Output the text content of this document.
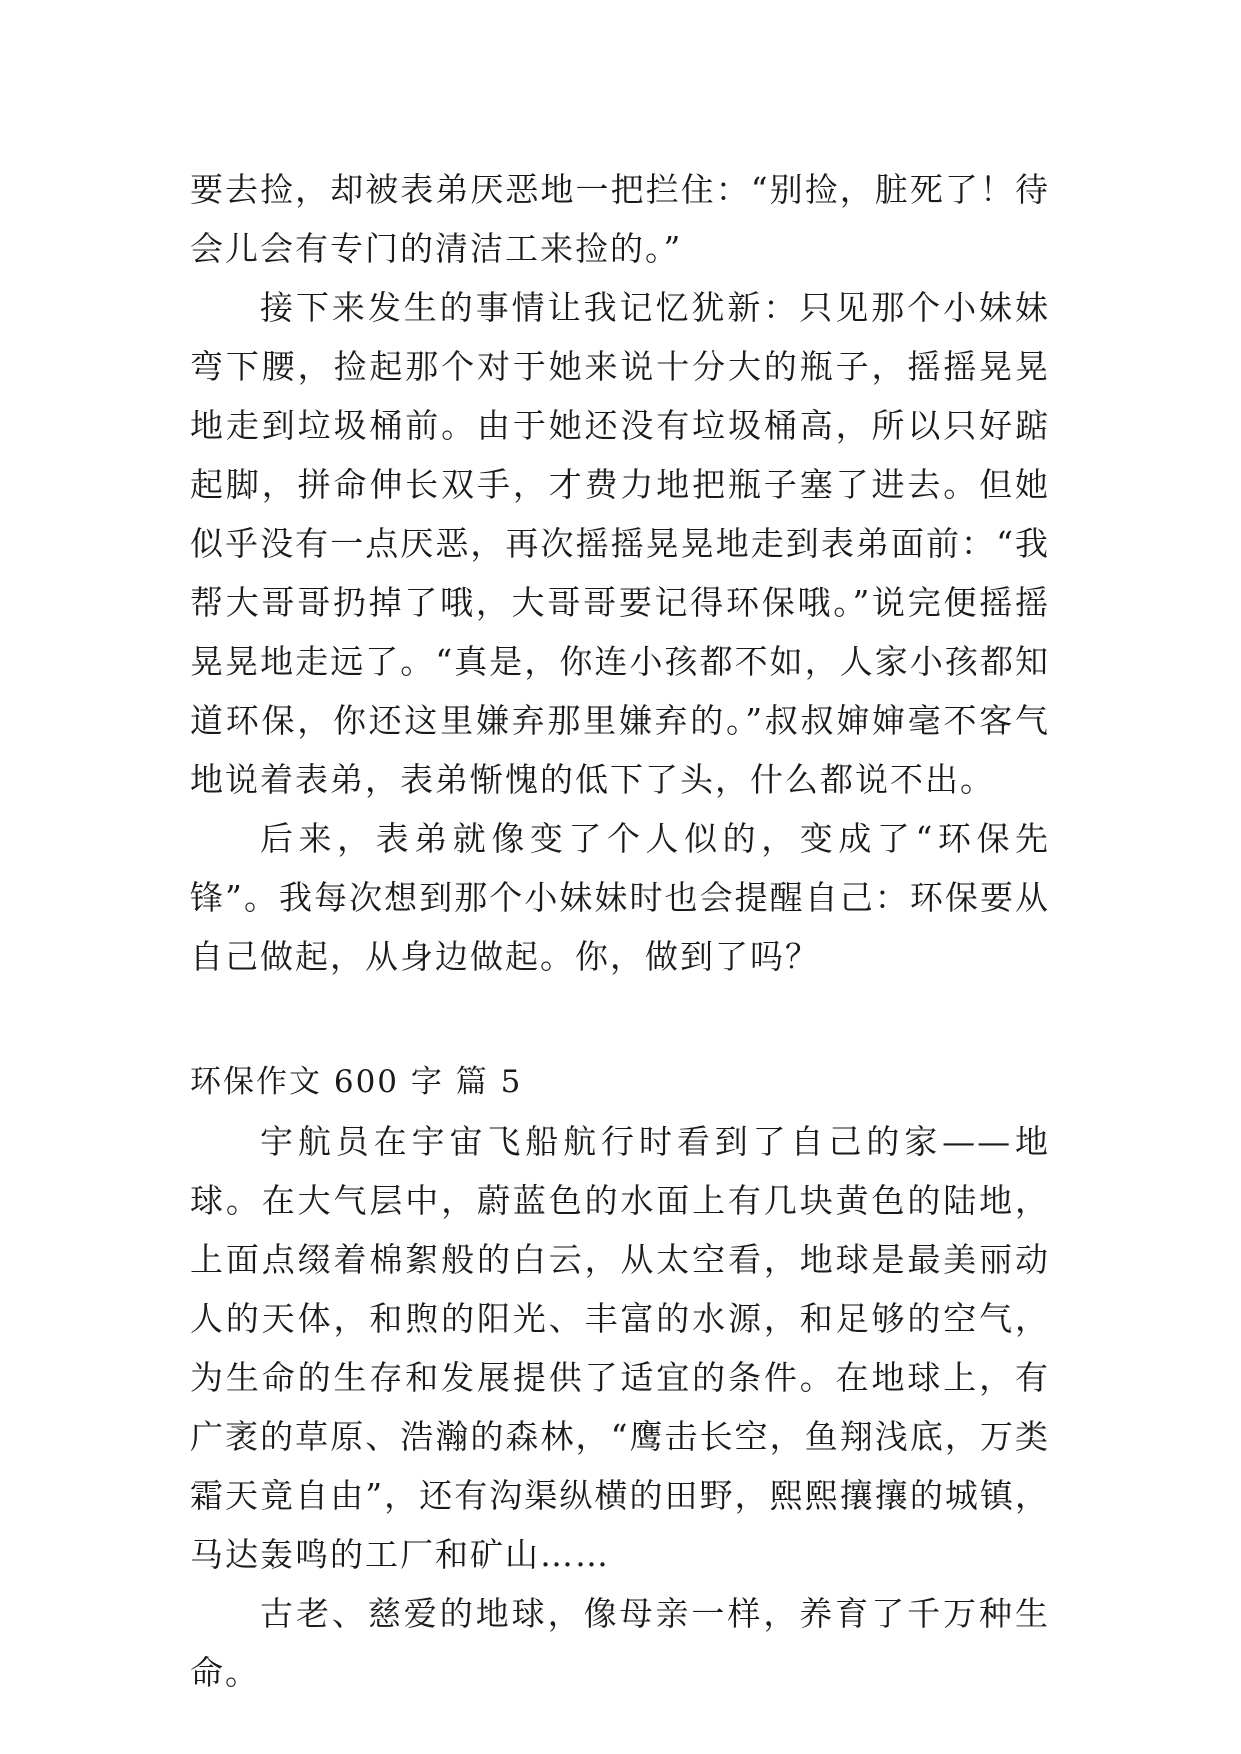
要去捡，却被表弟厌恶地一把拦住：“别捡，脏死了！待会儿会有专门的清洁工来捡的。”

接下来发生的事情让我记忆犹新：只见那个小妹妹弯下腰，捡起那个对于她来说十分大的瓶子，摇摇晃晃地走到垃圾桶前。由于她还没有垃圾桶高，所以只好踮起脚，拼命伸长双手，才费力地把瓶子塞了进去。但她似乎没有一点厌恶，再次摇摇晃晃地走到表弟面前：“我帮大哥哥扔掉了哦，大哥哥要记得环保哦。”说完便摇摇晃晃地走远了。“真是，你连小孩都不如，人家小孩都知道环保，你还这里嫌弃那里嫌弃的。”叔叔婶婶毫不客气地说着表弟，表弟惭愧的低下了头，什么都说不出。

后来，表弟就像变了个人似的，变成了“环保先锋”。我每次想到那个小妹妹时也会提醒自己：环保要从自己做起，从身边做起。你，做到了吗？

环保作文 600 字 篇 5

宇航员在宇宙飞船航行时看到了自己的家——地球。在大气层中，蔚蓝色的水面上有几块黄色的陆地，上面点缀着棉絮般的白云，从太空看，地球是最美丽动人的天体，和煦的阳光、丰富的水源，和足够的空气，为生命的生存和发展提供了适宜的条件。在地球上，有广袤的草原、浩瀚的森林，“鹰击长空，鱼翔浅底，万类霜天竟自由”，还有沟渠纵横的田野，熙熙攘攘的城镇，马达轰鸣的工厂和矿山……

古老、慈爱的地球，像母亲一样，养育了千万种生命。
